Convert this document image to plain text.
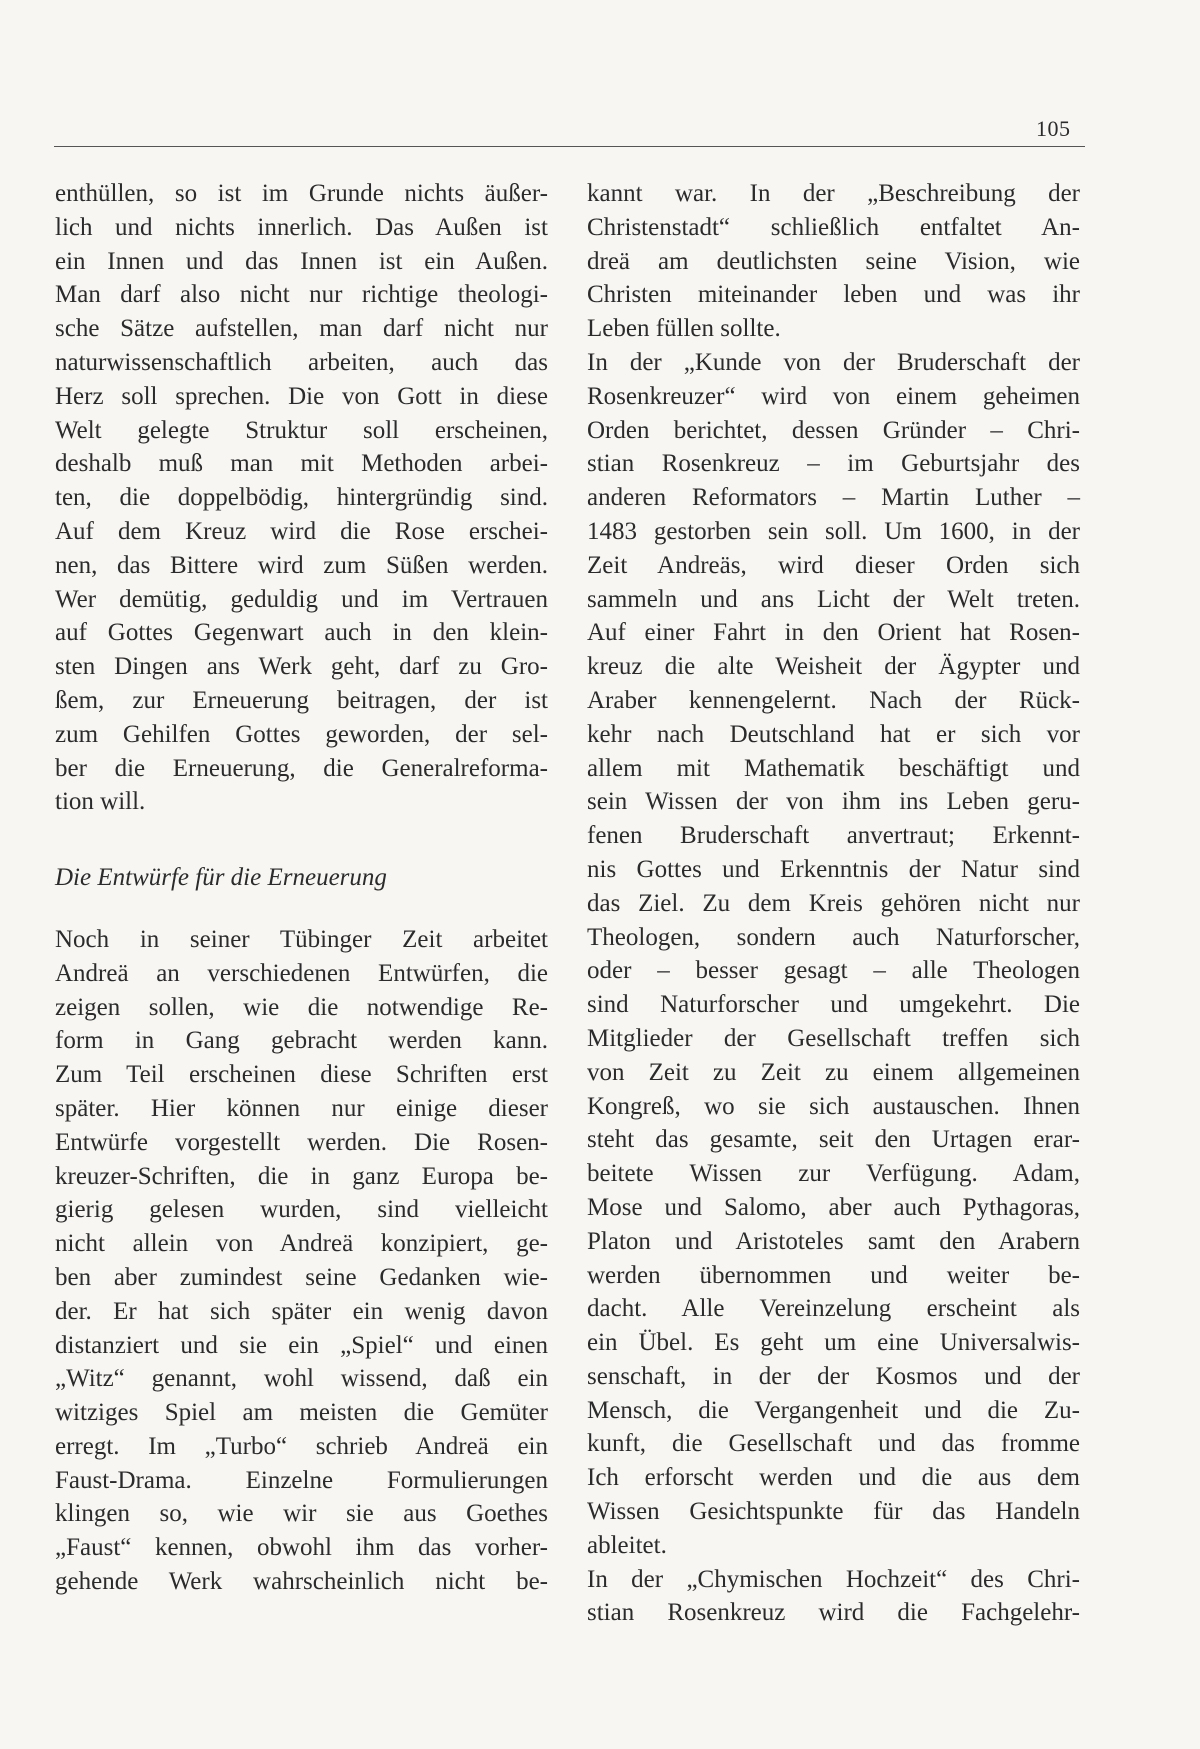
105
enthüllen, so ist im Grunde nichts äußer-
lich und nichts innerlich. Das Außen ist
ein Innen und das Innen ist ein Außen.
Man darf also nicht nur richtige theologi-
sche Sätze aufstellen, man darf nicht nur
naturwissenschaftlich arbeiten, auch das
Herz soll sprechen. Die von Gott in diese
Welt gelegte Struktur soll erscheinen,
deshalb muß man mit Methoden arbei-
ten, die doppelbödig, hintergründig sind.
Auf dem Kreuz wird die Rose erschei-
nen, das Bittere wird zum Süßen werden.
Wer demütig, geduldig und im Vertrauen
auf Gottes Gegenwart auch in den klein-
sten Dingen ans Werk geht, darf zu Gro-
ßem, zur Erneuerung beitragen, der ist
zum Gehilfen Gottes geworden, der sel-
ber die Erneuerung, die Generalreforma-
tion will.
Die Entwürfe für die Erneuerung
Noch in seiner Tübinger Zeit arbeitet
Andreä an verschiedenen Entwürfen, die
zeigen sollen, wie die notwendige Re-
form in Gang gebracht werden kann.
Zum Teil erscheinen diese Schriften erst
später. Hier können nur einige dieser
Entwürfe vorgestellt werden. Die Rosen-
kreuzer-Schriften, die in ganz Europa be-
gierig gelesen wurden, sind vielleicht
nicht allein von Andreä konzipiert, ge-
ben aber zumindest seine Gedanken wie-
der. Er hat sich später ein wenig davon
distanziert und sie ein „Spiel“ und einen
„Witz“ genannt, wohl wissend, daß ein
witziges Spiel am meisten die Gemüter
erregt. Im „Turbo“ schrieb Andreä ein
Faust-Drama. Einzelne Formulierungen
klingen so, wie wir sie aus Goethes
„Faust“ kennen, obwohl ihm das vorher-
gehende Werk wahrscheinlich nicht be-
kannt war. In der „Beschreibung der
Christenstadt“ schließlich entfaltet An-
dreä am deutlichsten seine Vision, wie
Christen miteinander leben und was ihr
Leben füllen sollte.
In der „Kunde von der Bruderschaft der
Rosenkreuzer“ wird von einem geheimen
Orden berichtet, dessen Gründer – Chri-
stian Rosenkreuz – im Geburtsjahr des
anderen Reformators – Martin Luther –
1483 gestorben sein soll. Um 1600, in der
Zeit Andreäs, wird dieser Orden sich
sammeln und ans Licht der Welt treten.
Auf einer Fahrt in den Orient hat Rosen-
kreuz die alte Weisheit der Ägypter und
Araber kennengelernt. Nach der Rück-
kehr nach Deutschland hat er sich vor
allem mit Mathematik beschäftigt und
sein Wissen der von ihm ins Leben geru-
fenen Bruderschaft anvertraut; Erkennt-
nis Gottes und Erkenntnis der Natur sind
das Ziel. Zu dem Kreis gehören nicht nur
Theologen, sondern auch Naturforscher,
oder – besser gesagt – alle Theologen
sind Naturforscher und umgekehrt. Die
Mitglieder der Gesellschaft treffen sich
von Zeit zu Zeit zu einem allgemeinen
Kongreß, wo sie sich austauschen. Ihnen
steht das gesamte, seit den Urtagen erar-
beitete Wissen zur Verfügung. Adam,
Mose und Salomo, aber auch Pythagoras,
Platon und Aristoteles samt den Arabern
werden übernommen und weiter be-
dacht. Alle Vereinzelung erscheint als
ein Übel. Es geht um eine Universalwis-
senschaft, in der der Kosmos und der
Mensch, die Vergangenheit und die Zu-
kunft, die Gesellschaft und das fromme
Ich erforscht werden und die aus dem
Wissen Gesichtspunkte für das Handeln
ableitet.
In der „Chymischen Hochzeit“ des Chri-
stian Rosenkreuz wird die Fachgelehr-
